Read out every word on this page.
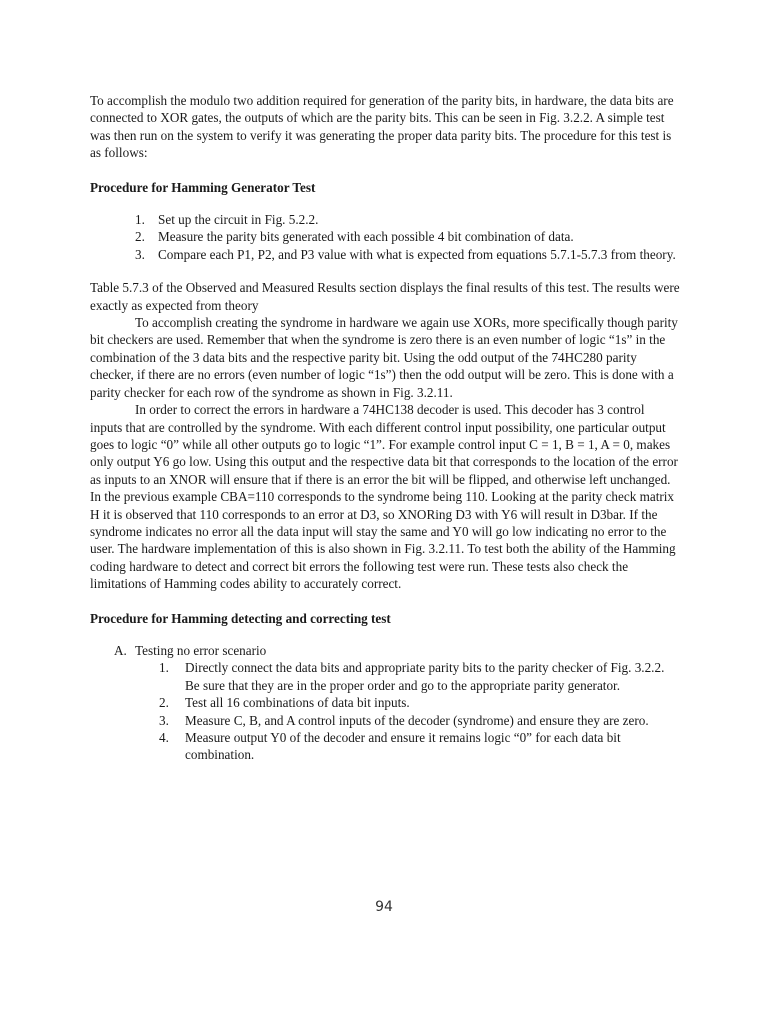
To accomplish the modulo two addition required for generation of the parity bits, in hardware, the data bits are connected to XOR gates, the outputs of which are the parity bits. This can be seen in Fig. 3.2.2. A simple test was then run on the system to verify it was generating the proper data parity bits. The procedure for this test is as follows:

Procedure for Hamming Generator Test

1. Set up the circuit in Fig. 5.2.2.
2. Measure the parity bits generated with each possible 4 bit combination of data.
3. Compare each P1, P2, and P3 value with what is expected from equations 5.7.1-5.7.3 from theory.

Table 5.7.3 of the Observed and Measured Results section displays the final results of this test. The results were exactly as expected from theory

To accomplish creating the syndrome in hardware we again use XORs, more specifically though parity bit checkers are used. Remember that when the syndrome is zero there is an even number of logic “1s” in the combination of the 3 data bits and the respective parity bit. Using the odd output of the 74HC280 parity checker, if there are no errors (even number of logic “1s”) then the odd output will be zero. This is done with a parity checker for each row of the syndrome as shown in Fig. 3.2.11.

In order to correct the errors in hardware a 74HC138 decoder is used. This decoder has 3 control inputs that are controlled by the syndrome. With each different control input possibility, one particular output goes to logic “0” while all other outputs go to logic “1”. For example control input C = 1, B = 1, A = 0, makes only output Y6 go low. Using this output and the respective data bit that corresponds to the location of the error as inputs to an XNOR will ensure that if there is an error the bit will be flipped, and otherwise left unchanged. In the previous example CBA=110 corresponds to the syndrome being 110. Looking at the parity check matrix H it is observed that 110 corresponds to an error at D3, so XNORing D3 with Y6 will result in D3bar. If the syndrome indicates no error all the data input will stay the same and Y0 will go low indicating no error to the user. The hardware implementation of this is also shown in Fig. 3.2.11. To test both the ability of the Hamming coding hardware to detect and correct bit errors the following test were run. These tests also check the limitations of Hamming codes ability to accurately correct.

Procedure for Hamming detecting and correcting test

A. Testing no error scenario
1. Directly connect the data bits and appropriate parity bits to the parity checker of Fig. 3.2.2. Be sure that they are in the proper order and go to the appropriate parity generator.
2. Test all 16 combinations of data bit inputs.
3. Measure C, B, and A control inputs of the decoder (syndrome) and ensure they are zero.
4. Measure output Y0 of the decoder and ensure it remains logic “0” for each data bit combination.
94
